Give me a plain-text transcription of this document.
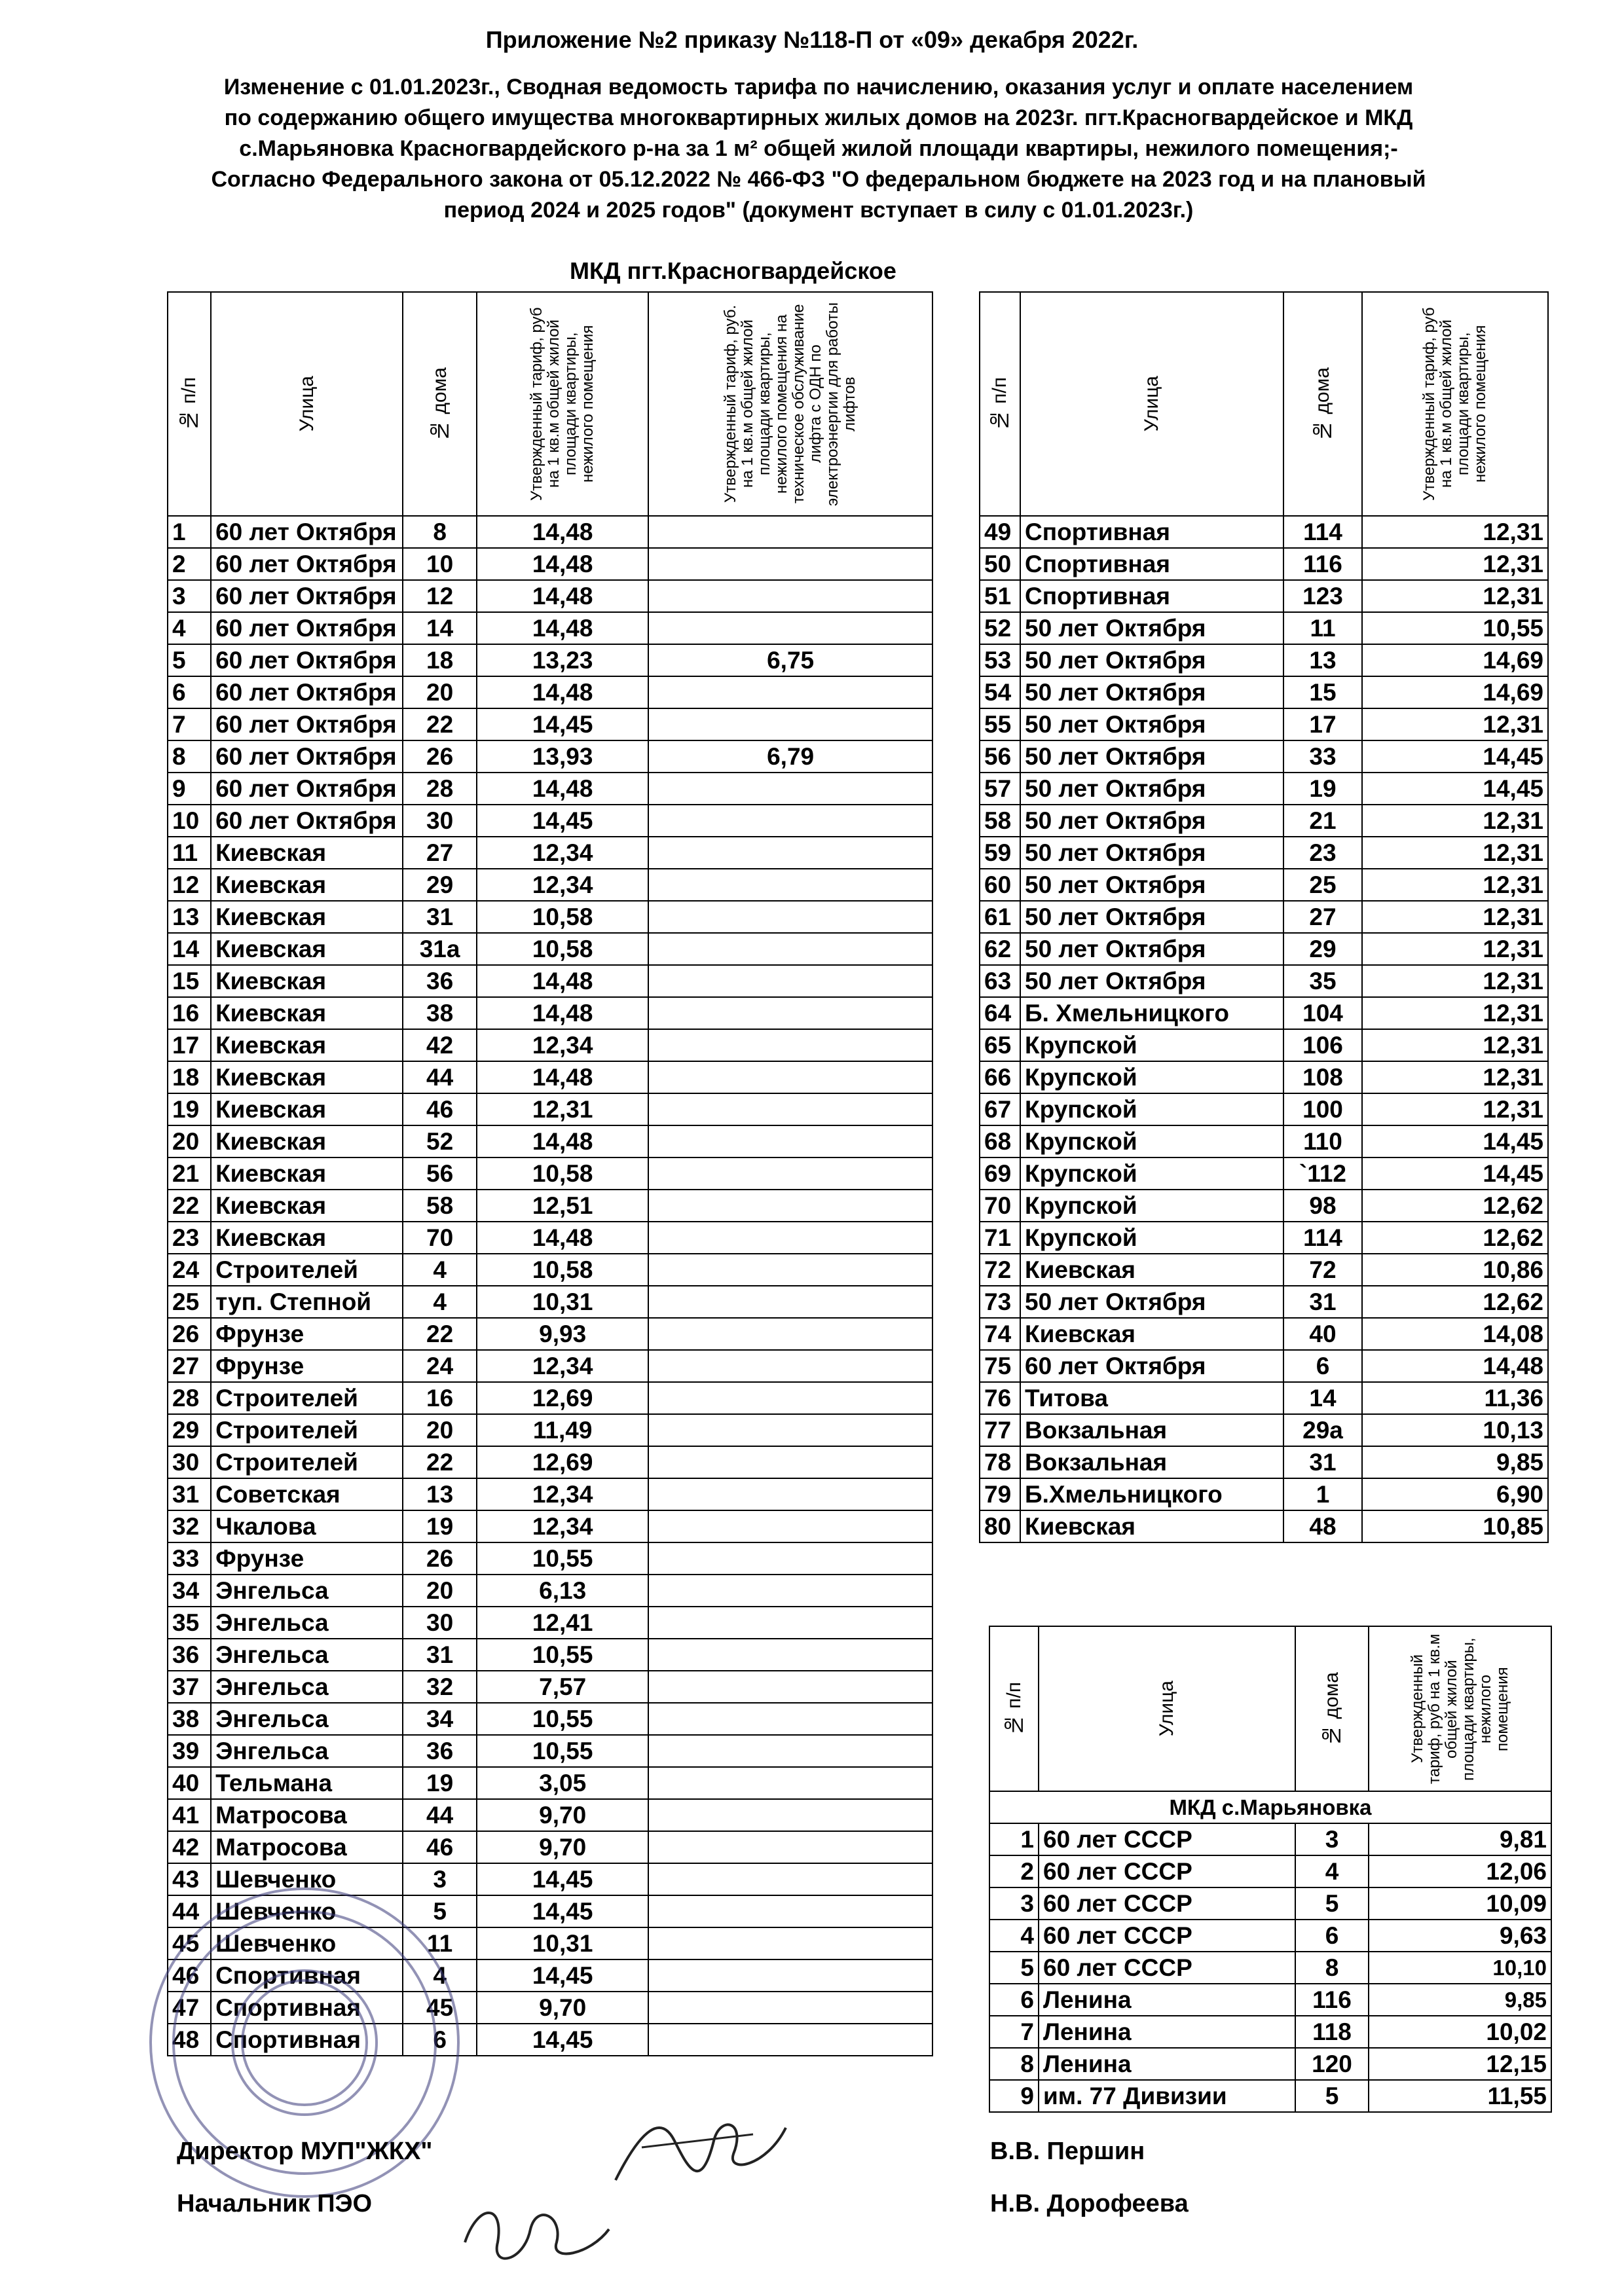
Приложение №2 приказу №118-П от «09» декабря 2022г.
Изменение с 01.01.2023г., Сводная ведомость тарифа по начислению, оказания услуг и оплате населением
по содержанию общего имущества многоквартирных жилых домов на 2023г. пгт.Красногвардейское и МКД
с.Марьяновка Красногвардейского р-на за 1 м² общей жилой площади квартиры, нежилого помещения;-
Согласно Федерального закона от 05.12.2022 № 466-ФЗ "О федеральном бюджете на 2023 год и на плановый
период 2024 и 2025 годов" (документ вступает в силу с 01.01.2023г.)
МКД пгт.Красногвардейское
№ п/п	Улица	№ дома	Утвержденный тариф, руб на 1 кв.м общей жилой площади квартиры, нежилого помещения	Утвержденный тариф, руб. на 1 кв.м общей жилой площади квартиры, нежилого помещения на техническое обслуживание лифта с ОДН по электроэнергии для работы лифтов

1	60 лет Октября	8	14,48	
2	60 лет Октября	10	14,48	
3	60 лет Октября	12	14,48	
4	60 лет Октября	14	14,48	
5	60 лет Октября	18	13,23	6,75
6	60 лет Октября	20	14,48	
7	60 лет Октября	22	14,45	
8	60 лет Октября	26	13,93	6,79
9	60 лет Октября	28	14,48	
10	60 лет Октября	30	14,45	
11	Киевская	27	12,34	
12	Киевская	29	12,34	
13	Киевская	31	10,58	
14	Киевская	31а	10,58	
15	Киевская	36	14,48	
16	Киевская	38	14,48	
17	Киевская	42	12,34	
18	Киевская	44	14,48	
19	Киевская	46	12,31	
20	Киевская	52	14,48	
21	Киевская	56	10,58	
22	Киевская	58	12,51	
23	Киевская	70	14,48	
24	Строителей	4	10,58	
25	туп. Степной	4	10,31	
26	Фрунзе	22	9,93	
27	Фрунзе	24	12,34	
28	Строителей	16	12,69	
29	Строителей	20	11,49	
30	Строителей	22	12,69	
31	Советская	13	12,34	
32	Чкалова	19	12,34	
33	Фрунзе	26	10,55	
34	Энгельса	20	6,13	
35	Энгельса	30	12,41	
36	Энгельса	31	10,55	
37	Энгельса	32	7,57	
38	Энгельса	34	10,55	
39	Энгельса	36	10,55	
40	Тельмана	19	3,05	
41	Матросова	44	9,70	
42	Матросова	46	9,70	
43	Шевченко	3	14,45	
44	Шевченко	5	14,45	
45	Шевченко	11	10,31	
46	Спортивная	4	14,45	
47	Спортивная	45	9,70	
48	Спортивная	6	14,45	
№ п/п	Улица	№ дома	Утвержденный тариф, руб на 1 кв.м общей жилой площади квартиры, нежилого помещения

49	Спортивная	114	12,31
50	Спортивная	116	12,31
51	Спортивная	123	12,31
52	50 лет Октября	11	10,55
53	50 лет Октября	13	14,69
54	50 лет Октября	15	14,69
55	50 лет Октября	17	12,31
56	50 лет Октября	33	14,45
57	50 лет Октября	19	14,45
58	50 лет Октября	21	12,31
59	50 лет Октября	23	12,31
60	50 лет Октября	25	12,31
61	50 лет Октября	27	12,31
62	50 лет Октября	29	12,31
63	50 лет Октября	35	12,31
64	Б. Хмельницкого	104	12,31
65	Крупской	106	12,31
66	Крупской	108	12,31
67	Крупской	100	12,31
68	Крупской	110	14,45
69	Крупской	`112	14,45
70	Крупской	98	12,62
71	Крупской	114	12,62
72	Киевская	72	10,86
73	50 лет Октября	31	12,62
74	Киевская	40	14,08
75	60 лет Октября	6	14,48
76	Титова	14	11,36
77	Вокзальная	29а	10,13
78	Вокзальная	31	9,85
79	Б.Хмельницкого	1	6,90
80	Киевская	48	10,85
№ п/п	Улица	№ дома	Утвержденный тариф, руб на 1 кв.м общей жилой площади квартиры, нежилого помещения

МКД с.Марьяновка			
1	60 лет СССР	3	9,81
2	60 лет СССР	4	12,06
3	60 лет СССР	5	10,09
4	60 лет СССР	6	9,63
5	60 лет СССР	8	10,10
6	Ленина	116	9,85
7	Ленина	118	10,02
8	Ленина	120	12,15
9	им. 77 Дивизии	5	11,55
Директор МУП"ЖКХ"	В.В. Першин
Начальник ПЭО	Н.В. Дорофеева
